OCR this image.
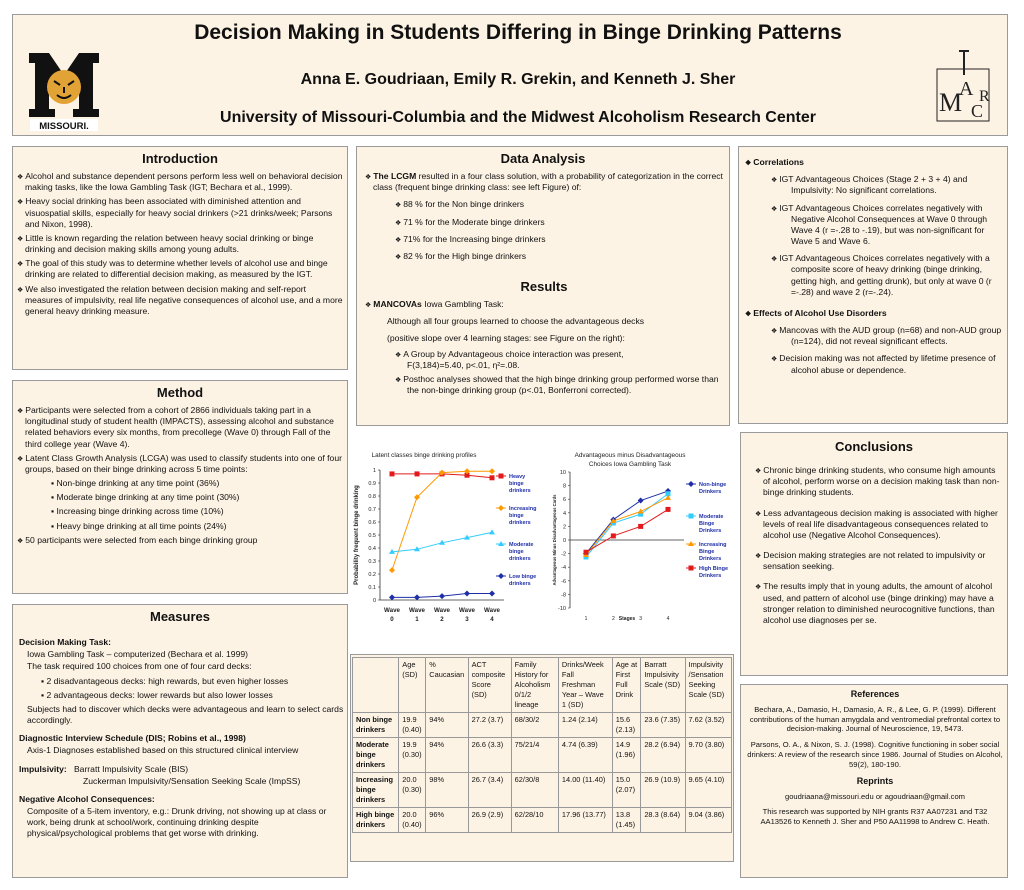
MISSOURI.
Decision Making in Students Differing in Binge Drinking Patterns
Anna E. Goudriaan, Emily R. Grekin, and Kenneth J. Sher
University of Missouri-Columbia and the Midwest Alcoholism Research Center
M
A
C
R
Introduction
❖ Alcohol and substance dependent persons perform less well on behavioral decision making tasks, like the Iowa Gambling Task (IGT; Bechara et al., 1999).
❖ Heavy social drinking has been associated with diminished attention and visuospatial skills, especially for heavy social drinkers (>21 drinks/week; Parsons and Nixon, 1998).
❖ Little is known regarding the relation between heavy social drinking or binge drinking and decision making skills among young adults.
❖ The goal of this study was to determine whether levels of alcohol use and binge drinking are related to differential decision making, as measured by the IGT.
❖ We also investigated the relation between decision making and self-report measures of impulsivity, real life negative consequences of alcohol use, and a more general heavy drinking measure.
Method
❖ Participants were selected from a cohort of 2866 individuals taking part in a longitudinal study of student health (IMPACTS), assessing alcohol and substance related behaviors every six months, from precollege (Wave 0) through Fall of the third college year (Wave 4).
❖ Latent Class Growth Analysis (LCGA) was used to classify students into one of four groups, based on their binge drinking across 5 time points:
▪ Non-binge drinking at any time point (36%)
▪ Moderate binge drinking at any time point (30%)
▪ Increasing binge drinking across time (10%)
▪ Heavy binge drinking at all time points (24%)
❖ 50 participants were selected from each binge drinking group
Measures

Decision Making Task:

Iowa Gambling Task – computerized (Bechara et al. 1999)

The task required 100 choices from one of four card decks:

▪ 2 disadvantageous decks: high rewards, but even higher losses

▪ 2 advantageous decks: lower rewards but also lower losses

Subjects had to discover which decks were advantageous and learn to select cards accordingly.

Diagnostic Interview Schedule (DIS; Robins et al., 1998)

Axis-1 Diagnoses established based on this structured clinical interview

Impulsivity: Barratt Impulsivity Scale (BIS)

Zuckerman Impulsivity/Sensation Seeking Scale (ImpSS)

Negative Alcohol Consequences:

Composite of a 5-item inventory, e.g.: Drunk driving, not showing up at class or work, being drunk at school/work, continuing drinking despite physical/psychological problems that get worse with drinking.

Data Analysis

❖ The LCGM resulted in a four class solution, with a probability of categorization in the correct class (frequent binge drinking class: see left Figure) of:

❖ 88 % for the Non binge drinkers

❖ 71 % for the Moderate binge drinkers

❖ 71% for the Increasing binge drinkers

❖ 82 % for the High binge drinkers

Results

❖ MANCOVAs Iowa Gambling Task:

Although all four groups learned to choose the advantageous decks

(positive slope over 4 learning stages: see Figure on the right):

❖ A Group by Advantageous choice interaction was present,

F(3,184)=5.40, p<.01, η²=.08.

❖ Posthoc analyses showed that the high binge drinking group performed worse than the non-binge drinking group (p<.01, Bonferroni corrected).

Latent classes binge drinking profiles
0
0.1
0.2
0.3
0.4
0.5
0.6
0.7
0.8
0.9
1
Wave
0
Wave
1
Wave
2
Wave
3
Wave
4
Probability frequent binge drinking
Heavy binge drinkers
Increasing binge drinkers
Moderate binge drinkers
Low binge drinkers
Advantageous minus Disadvantageous Choices Iowa Gambling Task
-10
-8
-6
-4
-2
0
2
4
6
8
10
1	2	3	4
Stages
Advantageous Minus Disadvantageous Cards
Non-binge Drinkers
Moderate Binge Drinkers
Increasing Binge Drinkers
High Binge Drinkers

❖ Correlations

❖ IGT Advantageous Choices (Stage 2 + 3 + 4) and Impulsivity: No significant correlations.

❖ IGT Advantageous Choices correlates negatively with Negative Alcohol Consequences at Wave 0 through Wave 4 (r =-.28 to -.19), but was non-significant for Wave 5 and Wave 6.

❖ IGT Advantageous Choices correlates negatively with a composite score of heavy drinking (binge drinking, getting high, and getting drunk), but only at wave 0 (r =-.28) and wave 2 (r=-.24).

❖ Effects of Alcohol Use Disorders

❖ Mancovas with the AUD group (n=68) and non-AUD group (n=124), did not reveal significant effects.

❖ Decision making was not affected by lifetime presence of alcohol abuse or dependence.

Conclusions

❖ Chronic binge drinking students, who consume high amounts of alcohol, perform worse on a decision making task than non-binge drinking students.

❖ Less advantageous decision making is associated with higher levels of real life disadvantageous consequences related to alcohol use (Negative Alcohol Consequences).

❖ Decision making strategies are not related to impulsivity or sensation seeking.

❖ The results imply that in young adults, the amount of alcohol used, and pattern of alcohol use (binge drinking) may have a stronger relation to diminished neurocognitive functions, than alcohol use diagnoses per se.

	Age (SD)	% Caucasian	ACT composite Score (SD)	Family History for Alcoholism 0/1/2 lineage	Drinks/Week Fall Freshman Year – Wave 1 (SD)	Age at First Full Drink	Barratt Impulsivity Scale (SD)	Impulsivity /Sensation Seeking Scale (SD)
Non binge drinkers	19.9 (0.40)	94%	27.2 (3.7)	68/30/2	1.24 (2.14)	15.6 (2.13)	23.6 (7.35)	7.62 (3.52)
Moderate binge drinkers	19.9 (0.30)	94%	26.6 (3.3)	75/21/4	4.74 (6.39)	14.9 (1.96)	28.2 (6.94)	9.70 (3.80)
Increasing binge drinkers	20.0 (0.30)	98%	26.7 (3.4)	62/30/8	14.00 (11.40)	15.0 (2.07)	26.9 (10.9)	9.65 (4.10)
High binge drinkers	20.0 (0.40)	96%	26.9 (2.9)	62/28/10	17.96 (13.77)	13.8 (1.45)	28.3 (8.64)	9.04 (3.86)

References

Bechara, A., Damasio, H., Damasio, A. R., & Lee, G. P. (1999). Different contributions of the human amygdala and ventromedial prefrontal cortex to decision-making. Journal of Neuroscience, 19, 5473.

Parsons, O. A., & Nixon, S. J. (1998). Cognitive functioning in sober social drinkers: A review of the research since 1986. Journal of Studies on Alcohol, 59(2), 180-190.

Reprints

goudriaana@missouri.edu or agoudriaan@gmail.com

This research was supported by NIH grants R37 AA07231 and T32 AA13526 to Kenneth J. Sher and P50 AA11998 to Andrew C. Heath.
